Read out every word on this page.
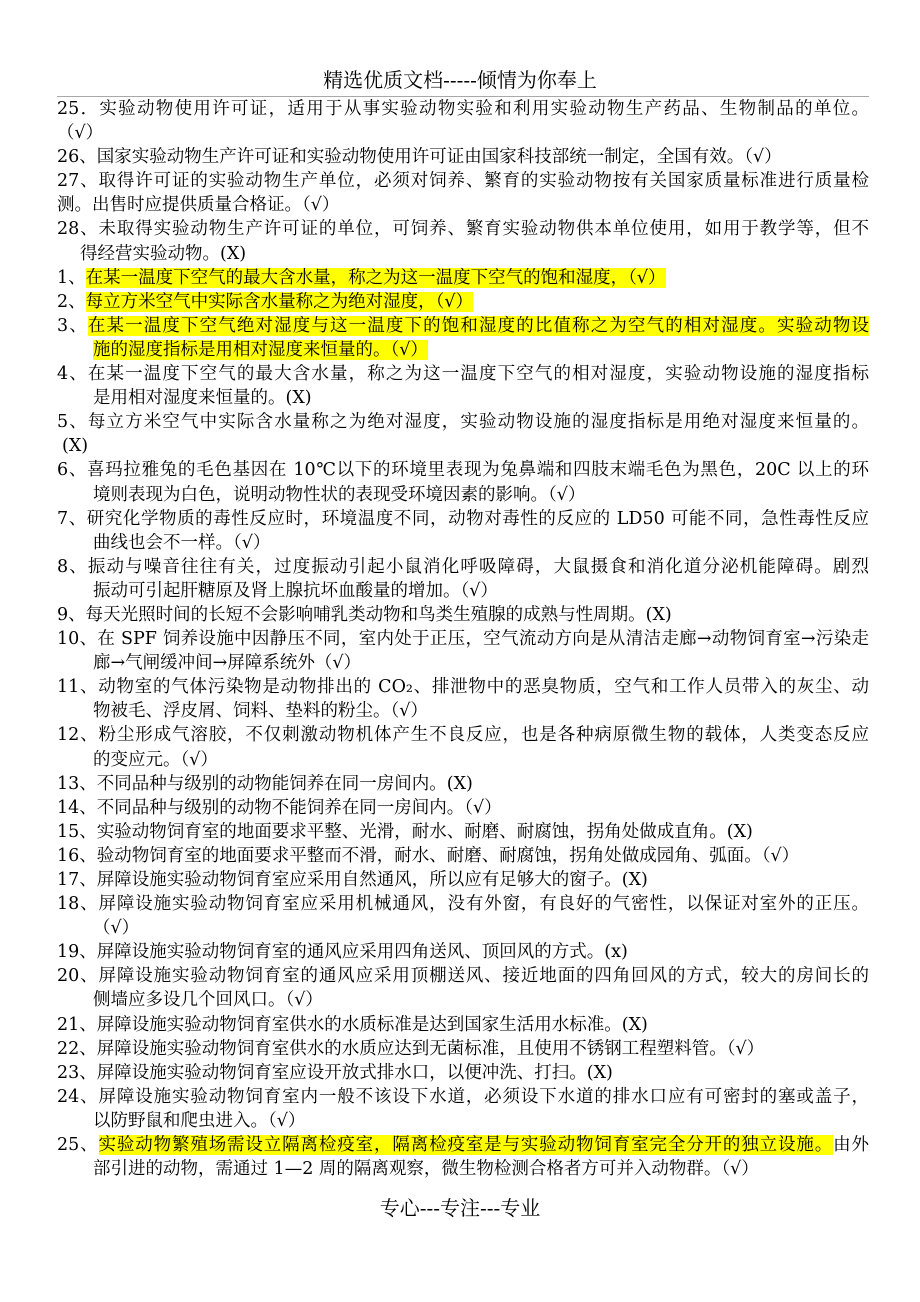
精选优质文档-----倾情为你奉上
25．实验动物使用许可证，适用于从事实验动物实验和利用实验动物生产药品、生物制品的单位。
（√）
26、国家实验动物生产许可证和实验动物使用许可证由国家科技部统一制定，全国有效。（√）
27、取得许可证的实验动物生产单位，必须对饲养、繁育的实验动物按有关国家质量标准进行质量检
测。出售时应提供质量合格证。（√）
28、未取得实验动物生产许可证的单位，可饲养、繁育实验动物供本单位使用，如用于教学等，但不
得经营实验动物。(X)
1、在某一温度下空气的最大含水量，称之为这一温度下空气的饱和湿度，（√）
2、每立方米空气中实际含水量称之为绝对湿度，（√）
3、在某一温度下空气绝对湿度与这一温度下的饱和湿度的比值称之为空气的相对湿度。实验动物设
施的湿度指标是用相对湿度来恒量的。（√）
4、在某一温度下空气的最大含水量，称之为这一温度下空气的相对湿度，实验动物设施的湿度指标
是用相对湿度来恒量的。(X)
5、每立方米空气中实际含水量称之为绝对湿度，实验动物设施的湿度指标是用绝对湿度来恒量的。
(X)
6、喜玛拉雅兔的毛色基因在 10℃以下的环境里表现为兔鼻端和四肢末端毛色为黑色，20C 以上的环
境则表现为白色，说明动物性状的表现受环境因素的影响。（√）
7、研究化学物质的毒性反应时，环境温度不同，动物对毒性的反应的 LD50 可能不同，急性毒性反应
曲线也会不一样。（√）
8、振动与噪音往往有关，过度振动引起小鼠消化呼吸障碍，大鼠摄食和消化道分泌机能障碍。剧烈
振动可引起肝糖原及肾上腺抗坏血酸量的增加。（√）
9、每天光照时间的长短不会影响哺乳类动物和鸟类生殖腺的成熟与性周期。(X)
10、在 SPF 饲养设施中因静压不同，室内处于正压，空气流动方向是从清洁走廊→动物饲育室→污染走
廊→气闸缓冲间→屏障系统外（√）
11、动物室的气体污染物是动物排出的 CO₂、排泄物中的恶臭物质，空气和工作人员带入的灰尘、动
物被毛、浮皮屑、饲料、垫料的粉尘。（√）
12、粉尘形成气溶胶，不仅刺激动物机体产生不良反应，也是各种病原微生物的载体，人类变态反应
的变应元。（√）
13、不同品种与级别的动物能饲养在同一房间内。(X)
14、不同品种与级别的动物不能饲养在同一房间内。（√）
15、实验动物饲育室的地面要求平整、光滑，耐水、耐磨、耐腐蚀，拐角处做成直角。(X)
16、验动物饲育室的地面要求平整而不滑，耐水、耐磨、耐腐蚀，拐角处做成园角、弧面。（√）
17、屏障设施实验动物饲育室应采用自然通风，所以应有足够大的窗子。(X)
18、屏障设施实验动物饲育室应采用机械通风，没有外窗，有良好的气密性，以保证对室外的正压。
（√）
19、屏障设施实验动物饲育室的通风应采用四角送风、顶回风的方式。(x)
20、屏障设施实验动物饲育室的通风应采用顶棚送风、接近地面的四角回风的方式，较大的房间长的
侧墙应多设几个回风口。（√）
21、屏障设施实验动物饲育室供水的水质标准是达到国家生活用水标准。(X)
22、屏障设施实验动物饲育室供水的水质应达到无菌标准，且使用不锈钢工程塑料管。（√）
23、屏障设施实验动物饲育室应设开放式排水口，以便冲洗、打扫。(X)
24、屏障设施实验动物饲育室内一般不该设下水道，必须设下水道的排水口应有可密封的塞或盖子，
以防野鼠和爬虫进入。（√）
25、实验动物繁殖场需设立隔离检疫室，隔离检疫室是与实验动物饲育室完全分开的独立设施。由外
部引进的动物，需通过 1—2 周的隔离观察，微生物检测合格者方可并入动物群。（√）
专心---专注---专业
